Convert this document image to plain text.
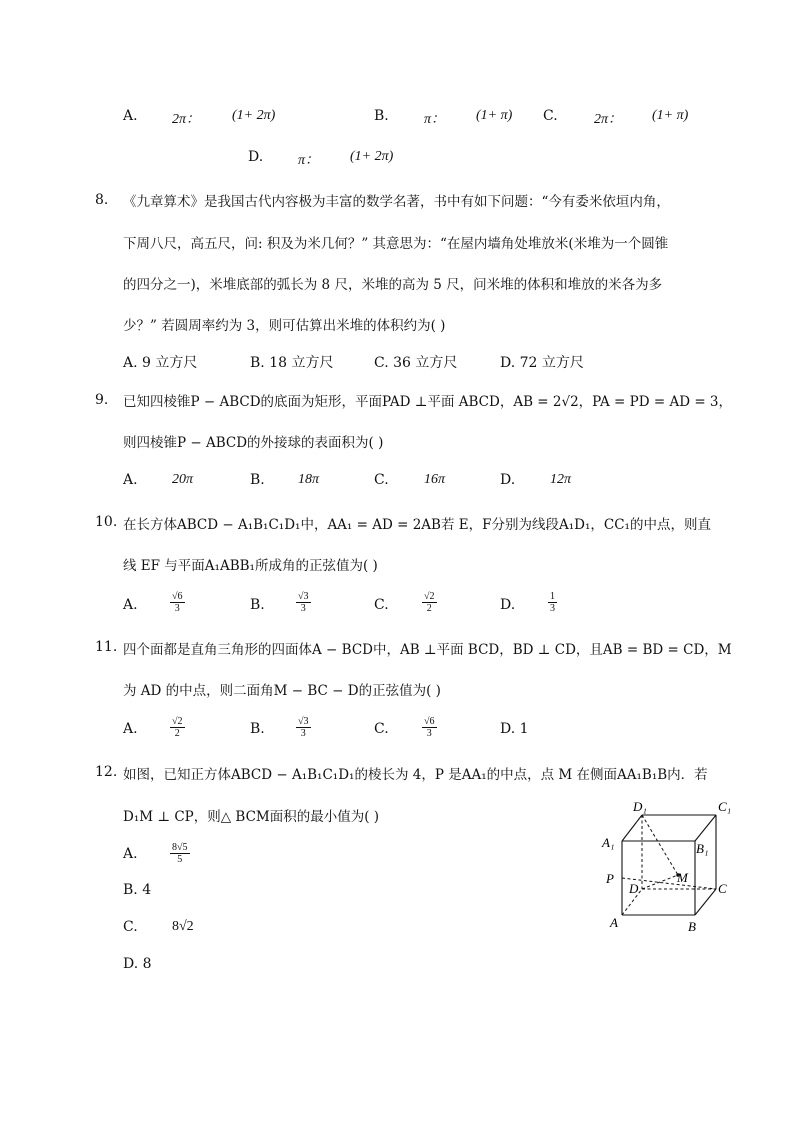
A. 2π： (1+ 2π)	B.	π： (1+ π) C.	2π： (1+ π)
D. π： (1+ 2π)
8. 《九章算术》是我国古代内容极为丰富的数学名著，书中有如下问题：“今有委米依垣内角，
下周八尺，高五尺，问: 积及为米几何？” 其意思为：“在屋内墙角处堆放米(米堆为一个圆锥
的四分之一)，米堆底部的弧长为 8 尺，米堆的高为 5 尺，问米堆的体积和堆放的米各为多
少？” 若圆周率约为 3，则可估算出米堆的体积约为( )
A. 9 立方尺	B. 18 立方尺	C. 36 立方尺	D. 72 立方尺
9. 已知四棱锥P − ABCD的底面为矩形，平面PAD ⊥平面 ABCD，AB = 2√2，PA = PD = AD = 3，
则四棱锥P − ABCD的外接球的表面积为( )
A. 20π	B. 18π	C.	16π	D. 12π
10. 在长方体ABCD − A₁B₁C₁D₁中，AA₁ = AD = 2AB若 E，F分别为线段A₁D₁，CC₁的中点，则直
线 EF 与平面A₁ABB₁所成角的正弦值为( )
A.	$\frac{√6}{3}$	B.	$\frac{√3}{3}$	C.	$\frac{√2}{2}$	D.	$\frac{1}{3}$
11. 四个面都是直角三角形的四面体A − BCD中，AB ⊥平面 BCD，BD ⊥ CD，且AB = BD = CD，M
为 AD 的中点，则二面角M − BC − D的正弦值为( )
A.	$\frac{√2}{2}$	B.	$\frac{√3}{3}$	C.	$\frac{√6}{3}$	D. 1
12. 如图，已知正方体ABCD − A₁B₁C₁D₁的棱长为 4，P 是AA₁的中点，点 M 在侧面AA₁B₁B内．若
D₁M ⊥ CP，则△ BCM面积的最小值为( )
A.	$\frac{8√5}{5}$
B. 4
C. 8√2
D. 8
D₁	C₁
A₁	B₁
P	M
D	C
A	B
